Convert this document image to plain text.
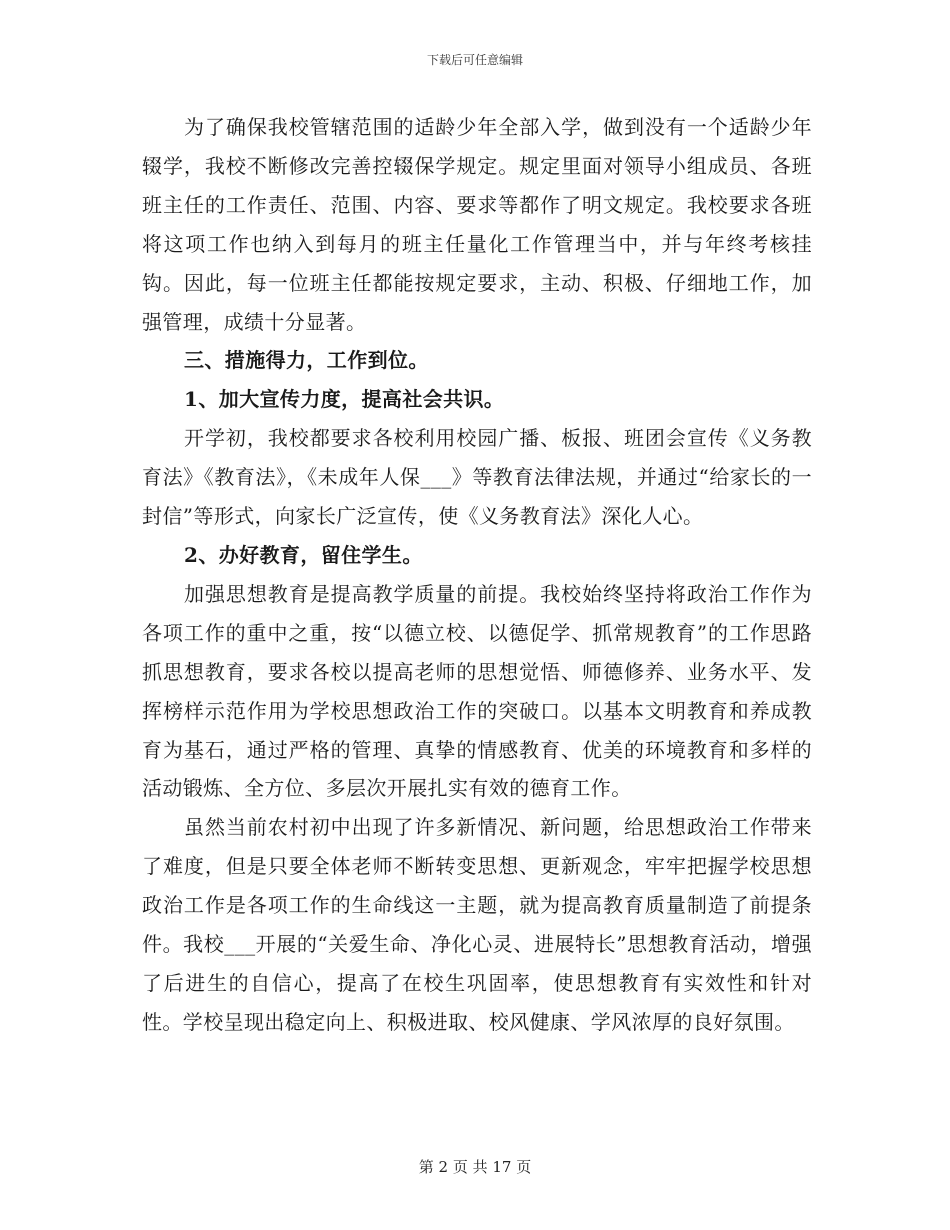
下载后可任意编辑

为了确保我校管辖范围的适龄少年全部入学，做到没有一个适龄少年辍学，我校不断修改完善控辍保学规定。规定里面对领导小组成员、各班班主任的工作责任、范围、内容、要求等都作了明文规定。我校要求各班将这项工作也纳入到每月的班主任量化工作管理当中，并与年终考核挂钩。因此，每一位班主任都能按规定要求，主动、积极、仔细地工作，加强管理，成绩十分显著。

三、措施得力，工作到位。

1、加大宣传力度，提高社会共识。

开学初，我校都要求各校利用校园广播、板报、班团会宣传《义务教育法》《教育法》，《未成年人保___》等教育法律法规，并通过“给家长的一封信”等形式，向家长广泛宣传，使《义务教育法》深化人心。

2、办好教育，留住学生。

加强思想教育是提高教学质量的前提。我校始终坚持将政治工作作为各项工作的重中之重，按“以德立校、以德促学、抓常规教育”的工作思路抓思想教育，要求各校以提高老师的思想觉悟、师德修养、业务水平、发挥榜样示范作用为学校思想政治工作的突破口。以基本文明教育和养成教育为基石，通过严格的管理、真挚的情感教育、优美的环境教育和多样的活动锻炼、全方位、多层次开展扎实有效的德育工作。

虽然当前农村初中出现了许多新情况、新问题，给思想政治工作带来了难度，但是只要全体老师不断转变思想、更新观念，牢牢把握学校思想政治工作是各项工作的生命线这一主题，就为提高教育质量制造了前提条件。我校___开展的“关爱生命、净化心灵、进展特长”思想教育活动，增强了后进生的自信心，提高了在校生巩固率，使思想教育有实效性和针对性。学校呈现出稳定向上、积极进取、校风健康、学风浓厚的良好氛围。

第 2 页 共 17 页
